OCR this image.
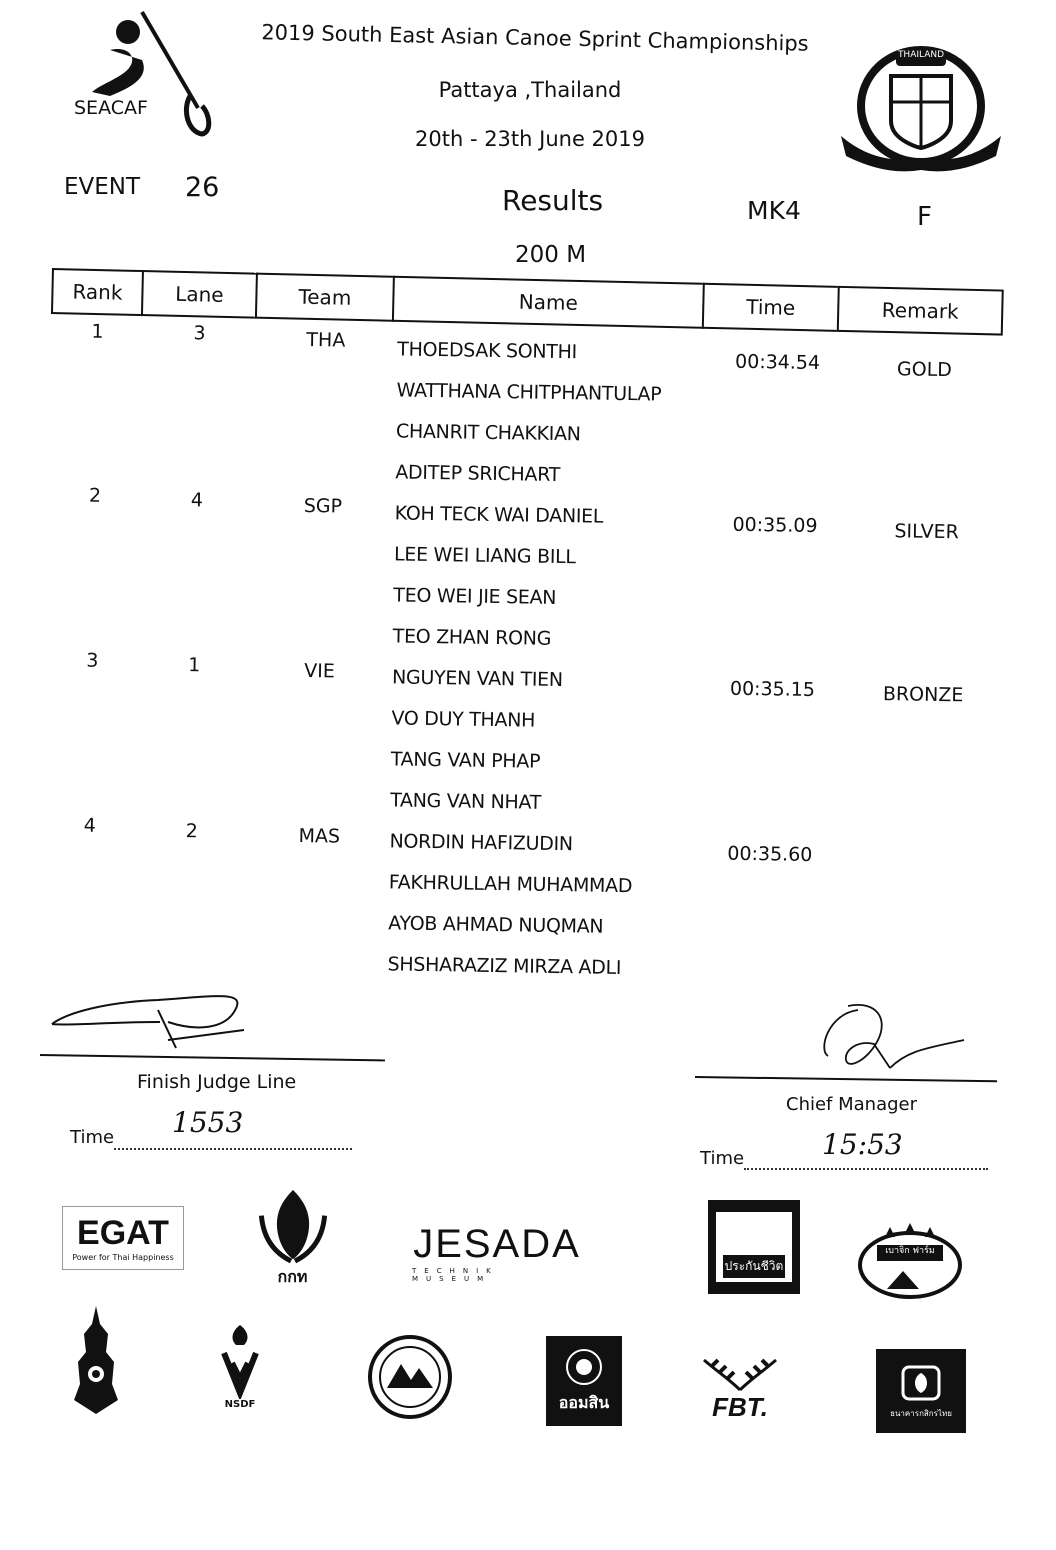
SEACAF
2019 South East Asian Canoe Sprint Championships
Pattaya ,Thailand
20th - 23th June 2019
THAILAND
EVENT 26	Results	MK4	F
200 M
Rank	Lane	Team	Name	Time	Remark
1	3	THA	THOEDSAK SONTHI
WATTHANA CHITPHANTULAP
CHANRIT CHAKKIAN
ADITEP SRICHART
00:34.54	GOLD
2	4	SGP	KOH TECK WAI DANIEL
LEE WEI LIANG BILL
TEO WEI JIE SEAN
TEO ZHAN RONG
00:35.09	SILVER
3	1	VIE	NGUYEN VAN TIEN
VO DUY THANH
TANG VAN PHAP
TANG VAN NHAT
00:35.15	BRONZE
4	2	MAS	NORDIN HAFIZUDIN
FAKHRULLAH MUHAMMAD
AYOB AHMAD NUQMAN
SHSHARAZIZ MIRZA ADLI
00:35.60
Finish Judge Line
Time 1553
Chief Manager
Time	15:53
EGAT
Power for Thai Happiness
กกท
JESADA
TECHNIK MUSEUM
ประกันชีวิต
เบาจิก ฟาร์ม
NSDF	ออมสิน	FBT.	ธนาคารกสิกรไทย
